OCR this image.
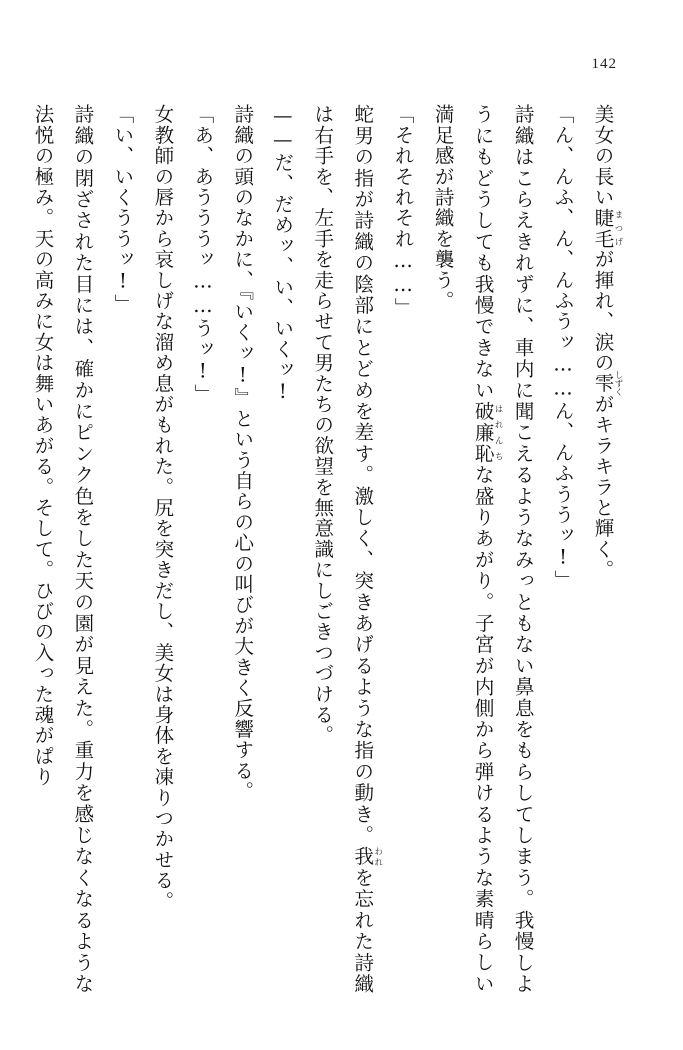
142

美女の長い睫毛まつげが揮れ、涙の雫しずくがキラキラと輝く。

「ん、んふ、ん、んふうッ……ん、んふううッ!」

詩織はこらえきれずに、車内に聞こえるようなみっともない鼻息をもらしてしまう。我慢しようにもどうしても我慢できない破廉恥はれんちな盛りあがり。子宮が内側から弾けるような素晴らしい満足感が詩織を襲う。

「それそれそれ……」

蛇男の指が詩織の陰部にとどめを差す。激しく、突きあげるような指の動き。我われを忘れた詩織は右手を、左手を走らせて男たちの欲望を無意識にしごきつづける。

——だ、だめッ、い、いくッ!

詩織の頭のなかに、『いくッ!』という自らの心の叫びが大きく反響する。

「あ、あうううッ……うッ!」

女教師の唇から哀しげな溜め息がもれた。尻を突きだし、美女は身体を凍りつかせる。

「い、いくううッ!」

詩織の閉ざされた目には、確かにピンク色をした天の園が見えた。重力を感じなくなるような法悦の極み。天の高みに女は舞いあがる。そして。ひびの入った魂がぱり
